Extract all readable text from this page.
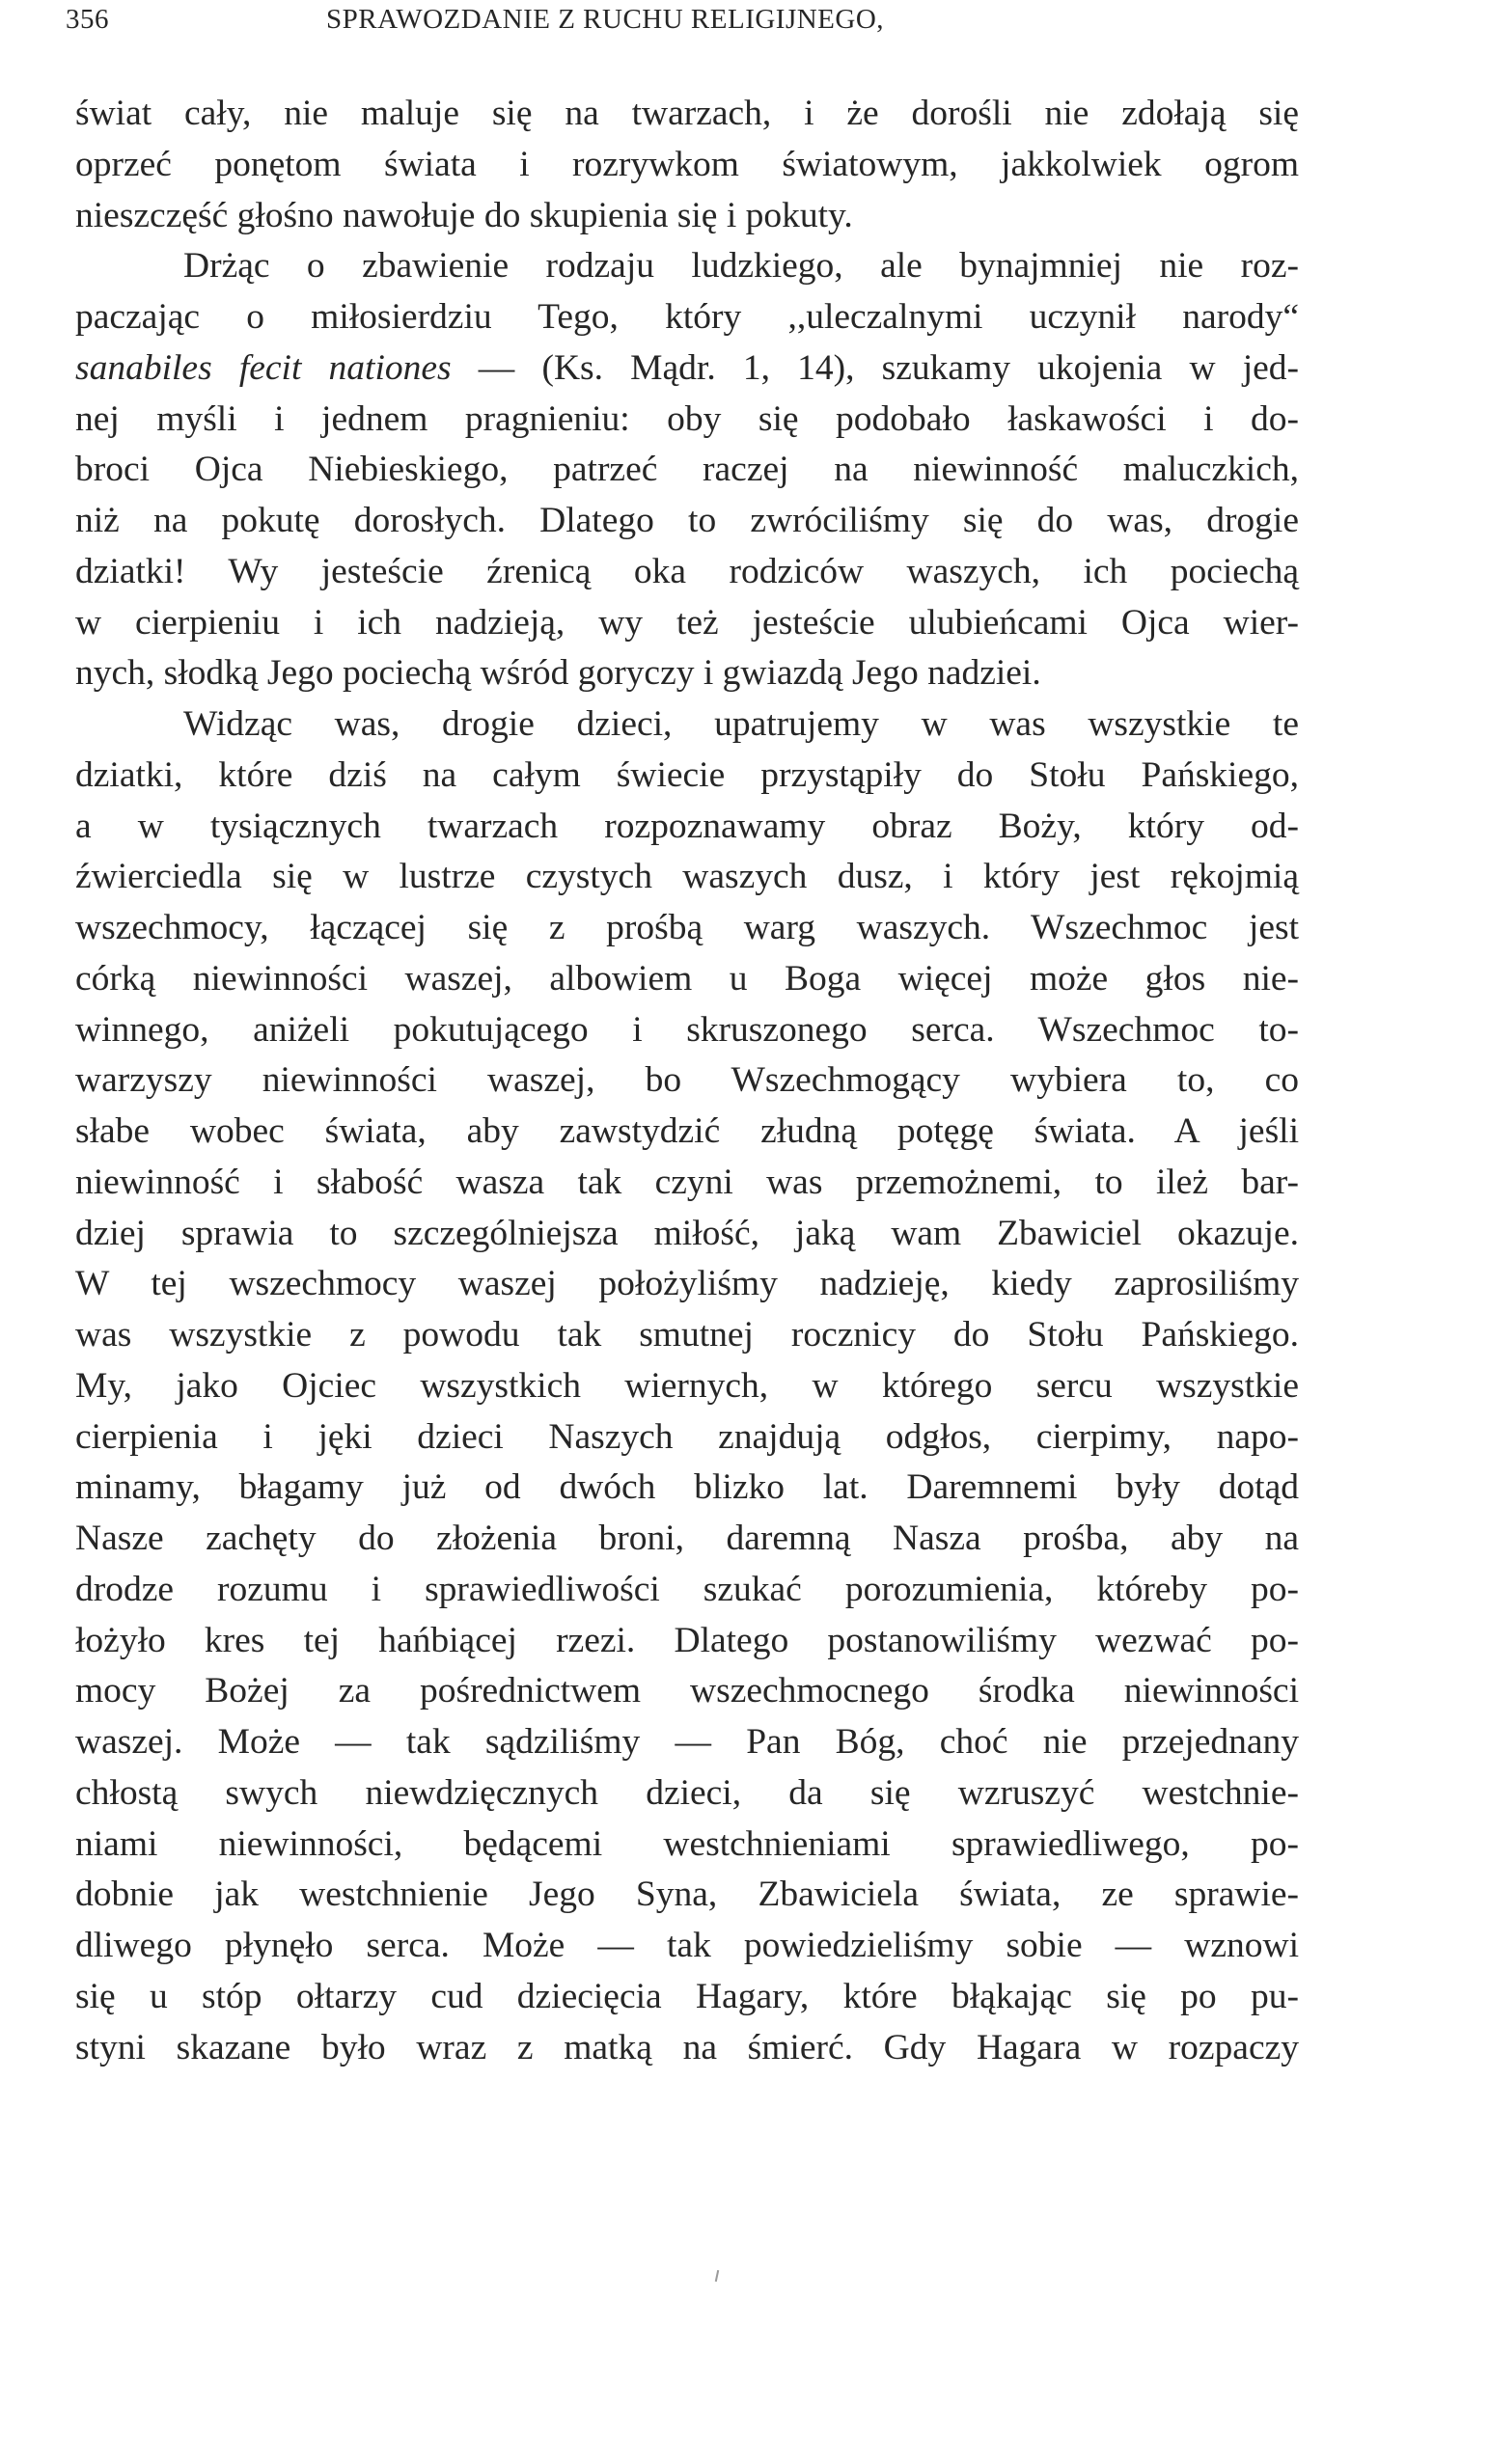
356	SPRAWOZDANIE Z RUCHU RELIGIJNEGO,
świat cały, nie maluje się na twarzach, i że dorośli nie zdołają się
oprzeć ponętom świata i rozrywkom światowym, jakkolwiek ogrom
nieszczęść głośno nawołuje do skupienia się i pokuty.
Drżąc o zbawienie rodzaju ludzkiego, ale bynajmniej nie roz-
paczając o miłosierdziu Tego, który ,,uleczalnymi uczynił narody“
sanabiles fecit nationes — (Ks. Mądr. 1, 14), szukamy ukojenia w jed-
nej myśli i jednem pragnieniu: oby się podobało łaskawości i do-
broci Ojca Niebieskiego, patrzeć raczej na niewinność maluczkich,
niż na pokutę dorosłych. Dlatego to zwróciliśmy się do was, drogie
dziatki! Wy jesteście źrenicą oka rodziców waszych, ich pociechą
w cierpieniu i ich nadzieją, wy też jesteście ulubieńcami Ojca wier-
nych, słodką Jego pociechą wśród goryczy i gwiazdą Jego nadziei.
Widząc was, drogie dzieci, upatrujemy w was wszystkie te
dziatki, które dziś na całym świecie przystąpiły do Stołu Pańskiego,
a w tysiącznych twarzach rozpoznawamy obraz Boży, który od-
źwierciedla się w lustrze czystych waszych dusz, i który jest rękojmią
wszechmocy, łączącej się z prośbą warg waszych. Wszechmoc jest
córką niewinności waszej, albowiem u Boga więcej może głos nie-
winnego, aniżeli pokutującego i skruszonego serca. Wszechmoc to-
warzyszy niewinności waszej, bo Wszechmogący wybiera to, co
słabe wobec świata, aby zawstydzić złudną potęgę świata. A jeśli
niewinność i słabość wasza tak czyni was przemożnemi, to ileż bar-
dziej sprawia to szczególniejsza miłość, jaką wam Zbawiciel okazuje.
W tej wszechmocy waszej położyliśmy nadzieję, kiedy zaprosiliśmy
was wszystkie z powodu tak smutnej rocznicy do Stołu Pańskiego.
My, jako Ojciec wszystkich wiernych, w którego sercu wszystkie
cierpienia i jęki dzieci Naszych znajdują odgłos, cierpimy, napo-
minamy, błagamy już od dwóch blizko lat. Daremnemi były dotąd
Nasze zachęty do złożenia broni, daremną Nasza prośba, aby na
drodze rozumu i sprawiedliwości szukać porozumienia, któreby po-
łożyło kres tej hańbiącej rzezi. Dlatego postanowiliśmy wezwać po-
mocy Bożej za pośrednictwem wszechmocnego środka niewinności
waszej. Może — tak sądziliśmy — Pan Bóg, choć nie przejednany
chłostą swych niewdzięcznych dzieci, da się wzruszyć westchnie-
niami niewinności, będącemi westchnieniami sprawiedliwego, po-
dobnie jak westchnienie Jego Syna, Zbawiciela świata, ze sprawie-
dliwego płynęło serca. Może — tak powiedzieliśmy sobie — wznowi
się u stóp ołtarzy cud dziecięcia Hagary, które błąkając się po pu-
styni skazane było wraz z matką na śmierć. Gdy Hagara w rozpaczy
